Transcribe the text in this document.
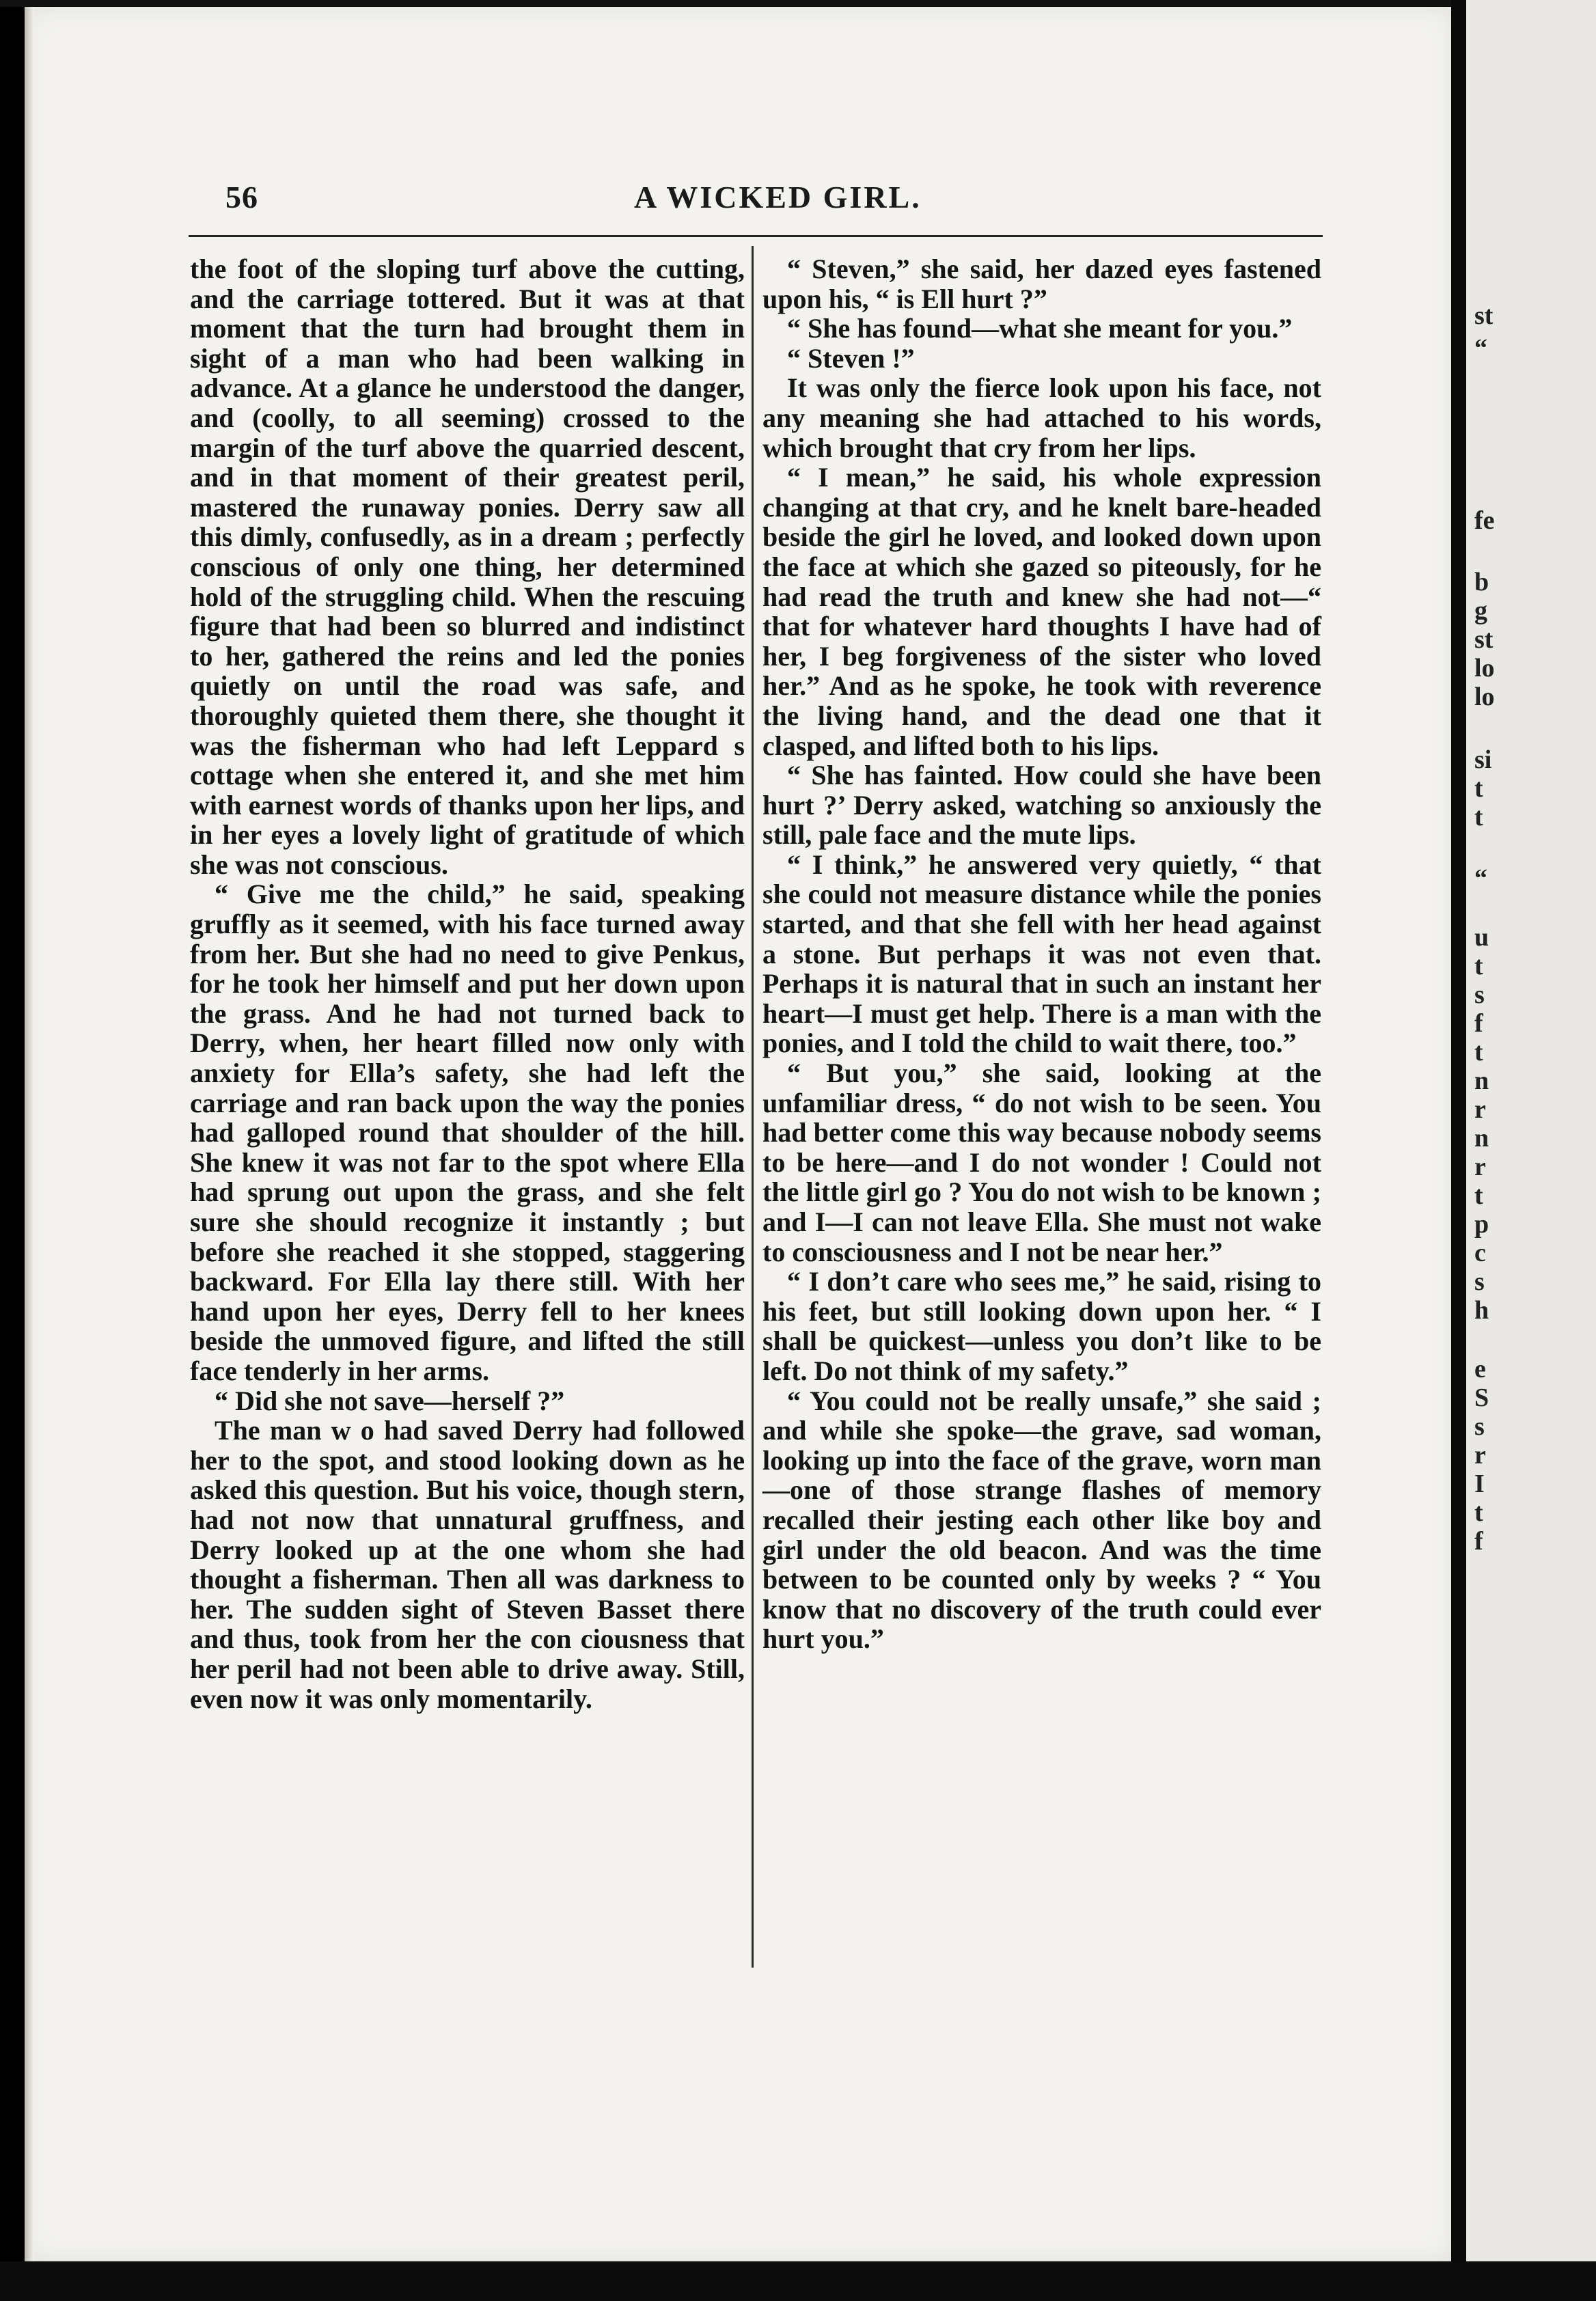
56	A WICKED GIRL.

the foot of the sloping turf above the cutting, and the carriage tottered. But it was at that moment that the turn had brought them in sight of a man who had been walking in advance. At a glance he understood the danger, and (coolly, to all seeming) crossed to the margin of the turf above the quarried descent, and in that moment of their greatest peril, mastered the runaway ponies. Derry saw all this dimly, confusedly, as in a dream ; perfectly conscious of only one thing, her determined hold of the struggling child. When the rescuing figure that had been so blurred and indistinct to her, gathered the reins and led the ponies quietly on until the road was safe, and thoroughly quieted them there, she thought it was the fisherman who had left Leppard s cottage when she entered it, and she met him with earnest words of thanks upon her lips, and in her eyes a lovely light of gratitude of which she was not conscious.

“ Give me the child,” he said, speaking gruffly as it seemed, with his face turned away from her. But she had no need to give Penkus, for he took her himself and put her down upon the grass. And he had not turned back to Derry, when, her heart filled now only with anxiety for Ella’s safety, she had left the carriage and ran back upon the way the ponies had galloped round that shoulder of the hill. She knew it was not far to the spot where Ella had sprung out upon the grass, and she felt sure she should recognize it instantly ; but before she reached it she stopped, staggering backward. For Ella lay there still. With her hand upon her eyes, Derry fell to her knees beside the unmoved figure, and lifted the still face tenderly in her arms.

“ Did she not save—herself ?”

The man w o had saved Derry had followed her to the spot, and stood looking down as he asked this question. But his voice, though stern, had not now that unnatural gruffness, and Derry looked up at the one whom she had thought a fisherman. Then all was darkness to her. The sudden sight of Steven Basset there and thus, took from her the con ciousness that her peril had not been able to drive away. Still, even now it was only momentarily.

“ Steven,” she said, her dazed eyes fastened upon his, “ is Ell hurt ?”

“ She has found—what she meant for you.”

“ Steven !”

It was only the fierce look upon his face, not any meaning she had attached to his words, which brought that cry from her lips.

“ I mean,” he said, his whole expression changing at that cry, and he knelt bare-headed beside the girl he loved, and looked down upon the face at which she gazed so piteously, for he had read the truth and knew she had not—“ that for whatever hard thoughts I have had of her, I beg forgiveness of the sister who loved her.” And as he spoke, he took with reverence the living hand, and the dead one that it clasped, and lifted both to his lips.

“ She has fainted. How could she have been hurt ?’ Derry asked, watching so anxiously the still, pale face and the mute lips.

“ I think,” he answered very quietly, “ that she could not measure distance while the ponies started, and that she fell with her head against a stone. But perhaps it was not even that. Perhaps it is natural that in such an instant her heart—I must get help. There is a man with the ponies, and I told the child to wait there, too.”

“ But you,” she said, looking at the unfamiliar dress, “ do not wish to be seen. You had better come this way because nobody seems to be here—and I do not wonder ! Could not the little girl go ? You do not wish to be known ; and I—I can not leave Ella. She must not wake to consciousness and I not be near her.”

“ I don’t care who sees me,” he said, rising to his feet, but still looking down upon her. “ I shall be quickest—unless you don’t like to be left. Do not think of my safety.”

“ You could not be really unsafe,” she said ; and while she spoke—the grave, sad woman, looking up into the face of the grave, worn man—one of those strange flashes of memory recalled their jesting each other like boy and girl under the old beacon. And was the time between to be counted only by weeks ? “ You know that no discovery of the truth could ever hurt you.”

st
“
fe
b
g
st
lo
lo
si
t
t
“
u
t
s
f
t
n
r
n
r
t
p
c
s
h
e
S
s
r
I
t
f
